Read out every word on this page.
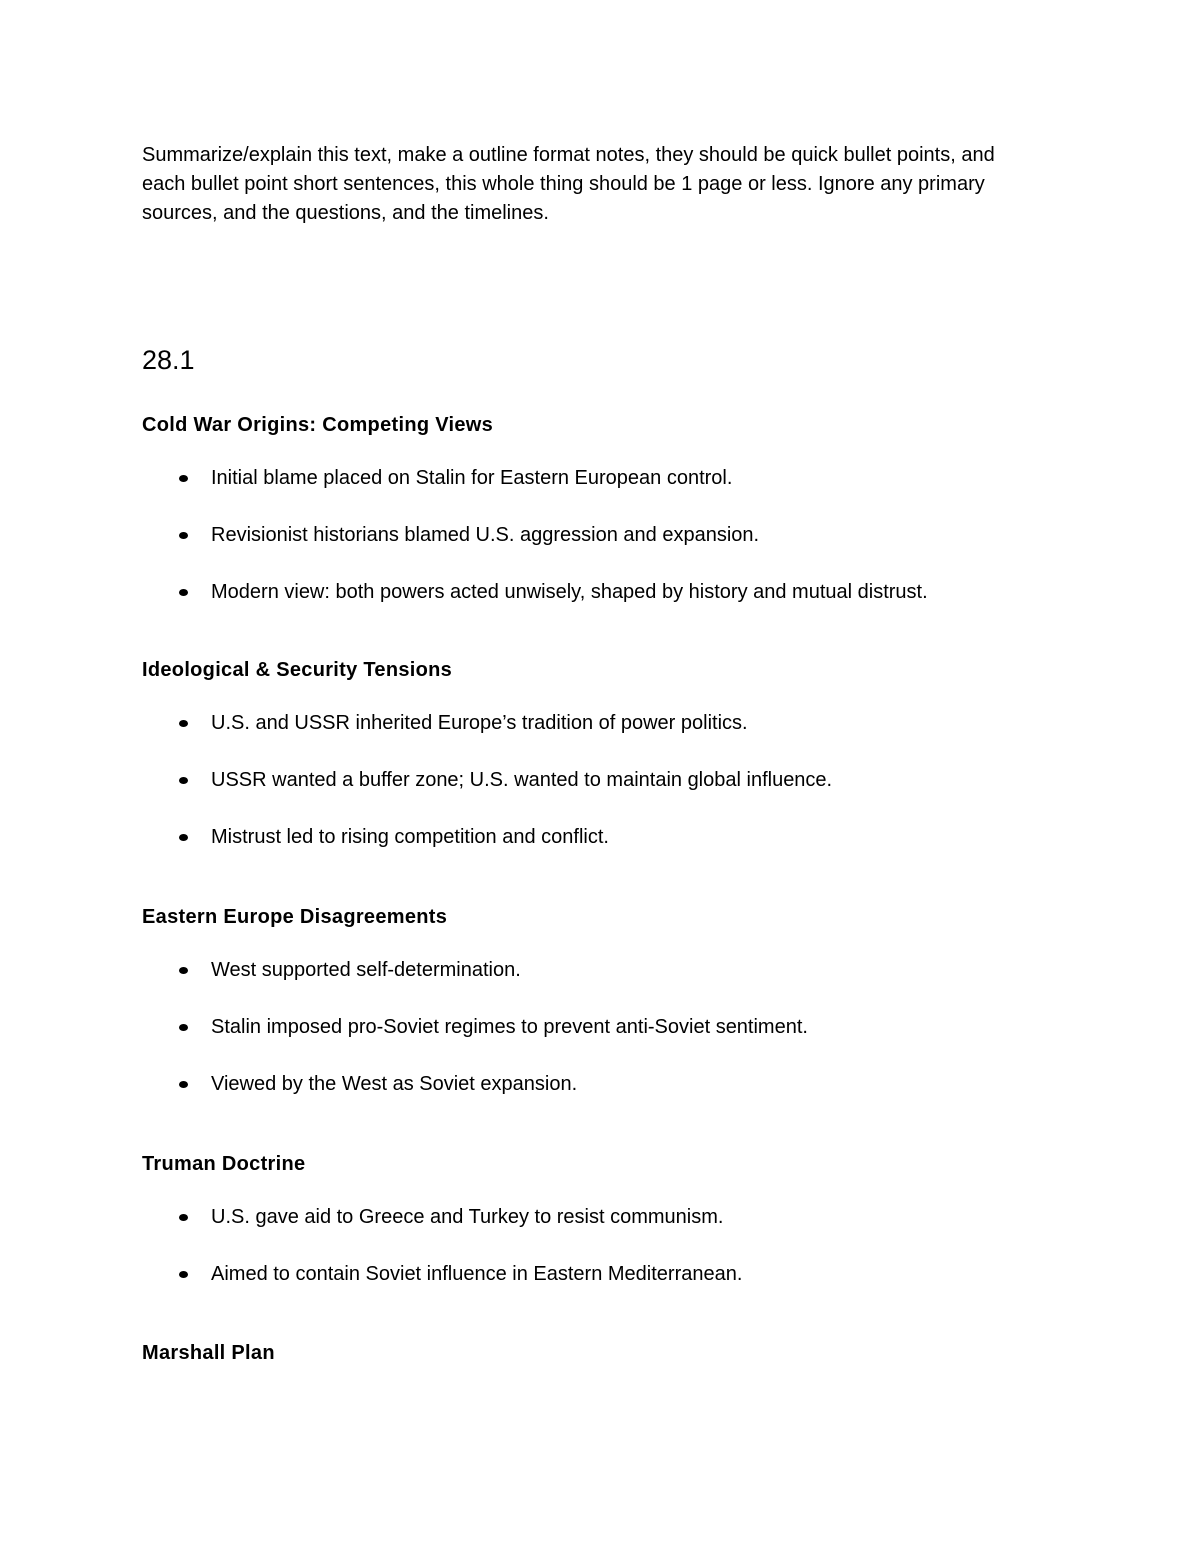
Summarize/explain this text, make a outline format notes, they should be quick bullet points, and each bullet point short sentences, this whole thing should be 1 page or less. Ignore any primary sources, and the questions, and the timelines.

28.1
Cold War Origins: Competing Views
Initial blame placed on Stalin for Eastern European control.
Revisionist historians blamed U.S. aggression and expansion.
Modern view: both powers acted unwisely, shaped by history and mutual distrust.
Ideological & Security Tensions
U.S. and USSR inherited Europe’s tradition of power politics.
USSR wanted a buffer zone; U.S. wanted to maintain global influence.
Mistrust led to rising competition and conflict.
Eastern Europe Disagreements
West supported self-determination.
Stalin imposed pro-Soviet regimes to prevent anti-Soviet sentiment.
Viewed by the West as Soviet expansion.
Truman Doctrine
U.S. gave aid to Greece and Turkey to resist communism.
Aimed to contain Soviet influence in Eastern Mediterranean.
Marshall Plan
